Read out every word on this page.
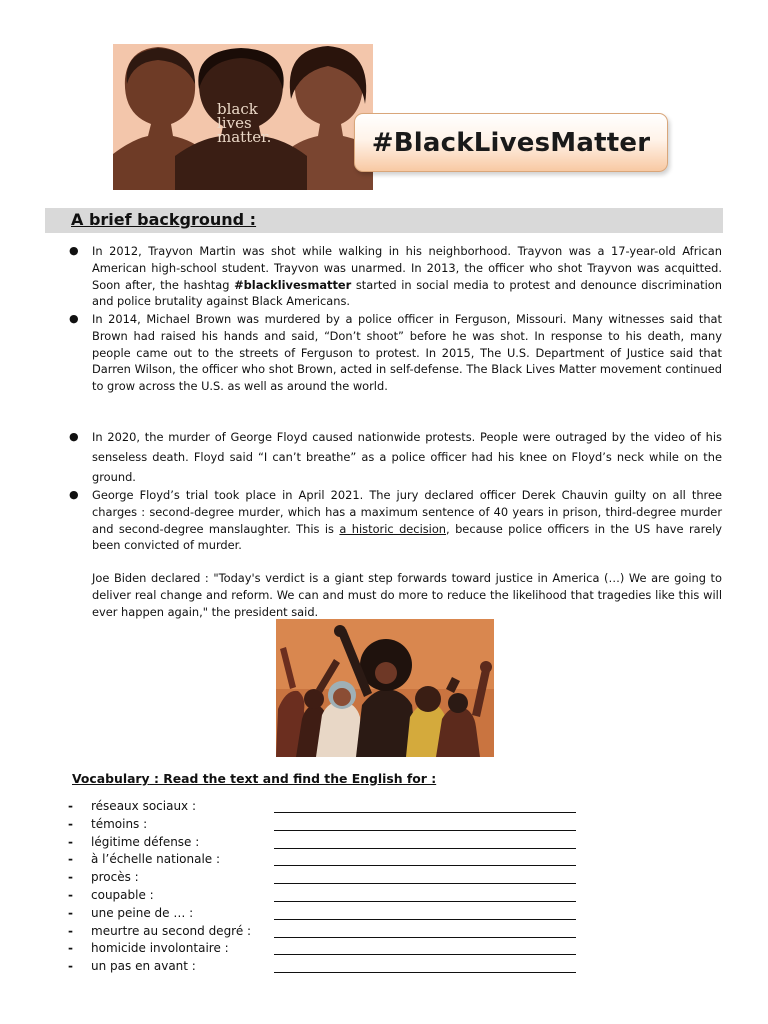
black
lives
matter.	#BlackLivesMatter
A brief background :
● In 2012, Trayvon Martin was shot while walking in his neighborhood. Trayvon was a 17-year-old African American high-school student. Trayvon was unarmed. In 2013, the officer who shot Trayvon was acquitted. Soon after, the hashtag #blacklivesmatter started in social media to protest and denounce discrimination and police brutality against Black Americans.
● In 2014, Michael Brown was murdered by a police officer in Ferguson, Missouri. Many witnesses said that Brown had raised his hands and said, “Don’t shoot” before he was shot. In response to his death, many people came out to the streets of Ferguson to protest. In 2015, The U.S. Department of Justice said that Darren Wilson, the officer who shot Brown, acted in self-defense. The Black Lives Matter movement continued to grow across the U.S. as well as around the world.
● In 2020, the murder of George Floyd caused nationwide protests. People were outraged by the video of his senseless death. Floyd said “I can’t breathe” as a police officer had his knee on Floyd’s neck while on the ground.
● George Floyd’s trial took place in April 2021. The jury declared officer Derek Chauvin guilty on all three charges : second-degree murder, which has a maximum sentence of 40 years in prison, third-degree murder and second-degree manslaughter. This is a historic decision, because police officers in the US have rarely been convicted of murder.
Joe Biden declared : "Today's verdict is a giant step forwards toward justice in America (…) We are going to deliver real change and reform. We can and must do more to reduce the likelihood that tragedies like this will ever happen again," the president said.
Vocabulary : Read the text and find the English for :
- réseaux sociaux :
- témoins :
- légitime défense :
- à l’échelle nationale :
- procès :
- coupable :
- une peine de … :
- meurtre au second degré :
- homicide involontaire :
- un pas en avant :
